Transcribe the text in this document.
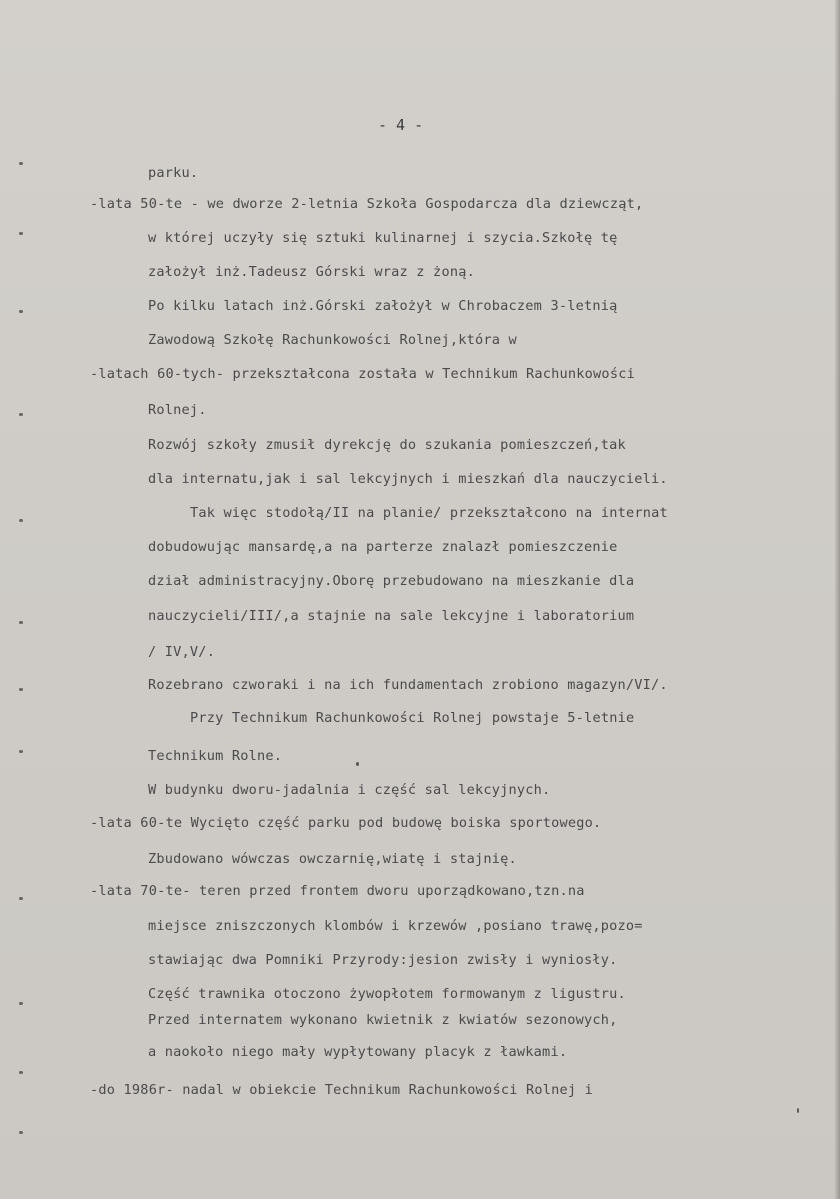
- 4 -
parku.
-lata 50-te - we dworze 2-letnia Szkoła Gospodarcza dla dziewcząt,
w której uczyły się sztuki kulinarnej i szycia.Szkołę tę
założył inż.Tadeusz Górski wraz z żoną.
Po kilku latach inż.Górski założył w Chrobaczem 3-letnią
Zawodową Szkołę Rachunkowości Rolnej,która w
-latach 60-tych- przekształcona została w Technikum Rachunkowości
Rolnej.
Rozwój szkoły zmusił dyrekcję do szukania pomieszczeń,tak
dla internatu,jak i sal lekcyjnych i mieszkań dla nauczycieli.
Tak więc stodołą/II na planie/ przekształcono na internat
dobudowując mansardę,a na parterze znalazł pomieszczenie
dział administracyjny.Oborę przebudowano na mieszkanie dla
nauczycieli/III/,a stajnie na sale lekcyjne i laboratorium
/ IV,V/.
Rozebrano czworaki i na ich fundamentach zrobiono magazyn/VI/.
Przy Technikum Rachunkowości Rolnej powstaje 5-letnie
Technikum Rolne.
W budynku dworu-jadalnia i część sal lekcyjnych.
-lata 60-te Wycięto część parku pod budowę boiska sportowego.
Zbudowano wówczas owczarnię,wiatę i stajnię.
-lata 70-te- teren przed frontem dworu uporządkowano,tzn.na
miejsce zniszczonych klombów i krzewów ,posiano trawę,pozo=
stawiając dwa Pomniki Przyrody:jesion zwisły i wyniosły.
Część trawnika otoczono żywopłotem formowanym z ligustru.
Przed internatem wykonano kwietnik z kwiatów sezonowych,
a naokoło niego mały wypłytowany placyk z ławkami.
-do 1986r- nadal w obiekcie Technikum Rachunkowości Rolnej i
